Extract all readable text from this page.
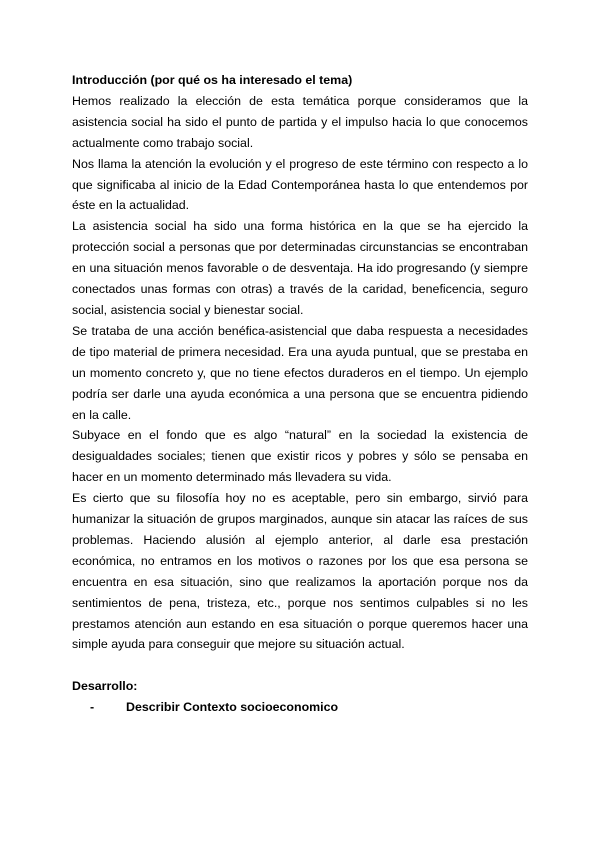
Introducción (por qué os ha interesado el tema)

Hemos realizado la elección de esta temática porque consideramos que la asistencia social ha sido el punto de partida y el impulso hacia lo que conocemos actualmente como trabajo social.

Nos llama la atención la evolución y el progreso de este término con respecto a lo que significaba al inicio de la Edad Contemporánea hasta lo que entendemos por éste en la actualidad.

La asistencia social ha sido una forma histórica en la que se ha ejercido la protección social a personas que por determinadas circunstancias se encontraban en una situación menos favorable o de desventaja. Ha ido progresando (y siempre conectados unas formas con otras) a través de la caridad, beneficencia, seguro social, asistencia social y bienestar social.

Se trataba de una acción benéfica-asistencial que daba respuesta a necesidades de tipo material de primera necesidad. Era una ayuda puntual, que se prestaba en un momento concreto y, que no tiene efectos duraderos en el tiempo. Un ejemplo podría ser darle una ayuda económica a una persona que se encuentra pidiendo en la calle.

Subyace en el fondo que es algo “natural” en la sociedad la existencia de desigualdades sociales; tienen que existir ricos y pobres y sólo se pensaba en hacer en un momento determinado más llevadera su vida.

Es cierto que su filosofía hoy no es aceptable, pero sin embargo, sirvió para humanizar la situación de grupos marginados, aunque sin atacar las raíces de sus problemas. Haciendo alusión al ejemplo anterior, al darle esa prestación económica, no entramos en los motivos o razones por los que esa persona se encuentra en esa situación, sino que realizamos la aportación porque nos da sentimientos de pena, tristeza, etc., porque nos sentimos culpables si no les prestamos atención aun estando en esa situación o porque queremos hacer una simple ayuda para conseguir que mejore su situación actual.

Desarrollo:

-	Describir Contexto socioeconomico
